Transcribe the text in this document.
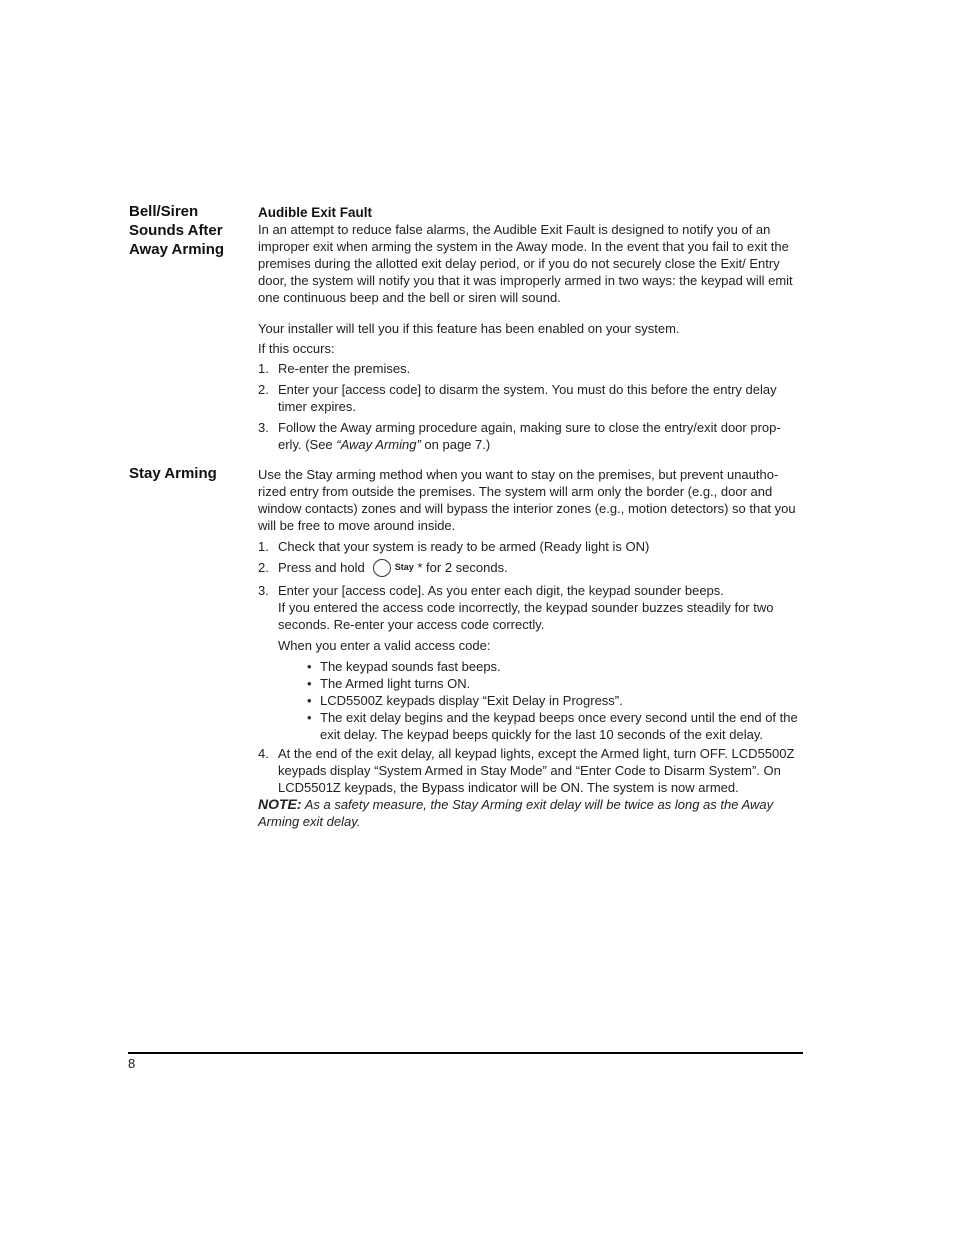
Bell/Siren Sounds After Away Arming

Audible Exit Fault

In an attempt to reduce false alarms, the Audible Exit Fault is designed to notify you of an improper exit when arming the system in the Away mode. In the event that you fail to exit the premises during the allotted exit delay period, or if you do not securely close the Exit/ Entry door, the system will notify you that it was improperly armed in two ways: the keypad will emit one continuous beep and the bell or siren will sound.

Your installer will tell you if this feature has been enabled on your system.

If this occurs:

1. Re-enter the premises.
2. Enter your [access code] to disarm the system. You must do this before the entry delay timer expires.
3. Follow the Away arming procedure again, making sure to close the entry/exit door prop-erly. (See “Away Arming” on page 7.)
Stay Arming	Use the Stay arming method when you want to stay on the premises, but prevent unautho-rized entry from outside the premises. The system will arm only the border (e.g., door and window contacts) zones and will bypass the interior zones (e.g., motion detectors) so that you will be free to move around inside.

1. Check that your system is ready to be armed (Ready light is ON)
2. Press and hold	Stay * for 2 seconds.
3. Enter your [access code]. As you enter each digit, the keypad sounder beeps.
If you entered the access code incorrectly, the keypad sounder buzzes steadily for two seconds. Re-enter your access code correctly.

When you enter a valid access code:

• The keypad sounds fast beeps.
• The Armed light turns ON.
• LCD5500Z keypads display “Exit Delay in Progress”.
• The exit delay begins and the keypad beeps once every second until the end of the exit delay. The keypad beeps quickly for the last 10 seconds of the exit delay.
4. At the end of the exit delay, all keypad lights, except the Armed light, turn OFF. LCD5500Z keypads display “System Armed in Stay Mode” and “Enter Code to Disarm System”. On LCD5501Z keypads, the Bypass indicator will be ON. The system is now armed.

NOTE: As a safety measure, the Stay Arming exit delay will be twice as long as the Away Arming exit delay.

8
